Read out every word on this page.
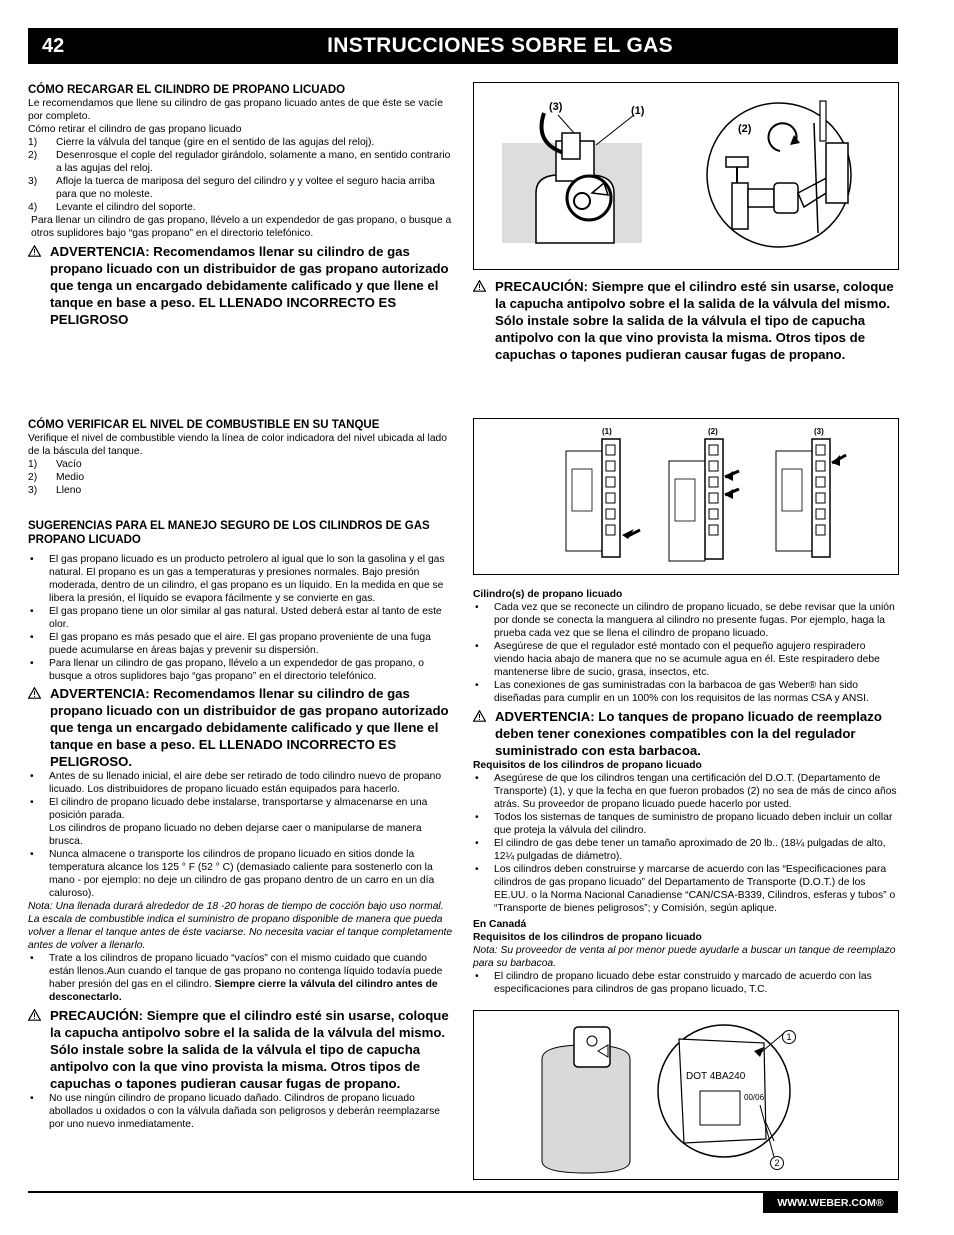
42	INSTRUCCIONES SOBRE EL GAS

CÓMO RECARGAR EL CILINDRO DE PROPANO LICUADO

Le recomendamos que llene su cilindro de gas propano licuado antes de que éste se vacíe por completo.

Cómo retirar el cilindro de gas propano licuado

1) Cierre la válvula del tanque (gire en el sentido de las agujas del reloj).
2) Desenrosque el cople del regulador girándolo, solamente a mano, en sentido contrario a las agujas del reloj.
3) Afloje la tuerca de mariposa del seguro del cilindro y y voltee el seguro hacia arriba para que no moleste.
4) Levante el cilindro del soporte.

Para llenar un cilindro de gas propano, llévelo a un expendedor de gas propano, o busque a otros suplidores bajo “gas propano” en el directorio telefónico.

ADVERTENCIA: Recomendamos llenar su cilindro de gas propano licuado con un distribuidor de gas propano autorizado que tenga un encargado debidamente calificado y que llene el tanque en base a peso. EL LLENADO INCORRECTO ES PELIGROSO

(3)	(1)
(2)

PRECAUCIÓN: Siempre que el cilindro esté sin usarse, coloque la capucha antipolvo sobre el la salida de la válvula del mismo. Sólo instale sobre la salida de la válvula el tipo de capucha antipolvo con la que vino provista la misma. Otros tipos de capuchas o tapones pudieran causar fugas de propano.

CÓMO VERIFICAR EL NIVEL DE COMBUSTIBLE EN SU TANQUE

Verifique el nivel de combustible viendo la línea de color indicadora del nivel ubicada al lado de la báscula del tanque.

1) Vacío
2) Medio
3) Lleno
(1)	(2)	(3)

SUGERENCIAS PARA EL MANEJO SEGURO DE LOS CILINDROS DE GAS PROPANO LICUADO

• El gas propano licuado es un producto petrolero al igual que lo son la gasolina y el gas natural. El propano es un gas a temperaturas y presiones normales. Bajo presión moderada, dentro de un cilindro, el gas propano es un líquido. En la medida en que se libera la presión, el líquido se evapora fácilmente y se convierte en gas.
• El gas propano tiene un olor similar al gas natural. Usted deberá estar al tanto de este olor.
• El gas propano es más pesado que el aire. El gas propano proveniente de una fuga puede acumularse en áreas bajas y prevenir su dispersión.
• Para llenar un cilindro de gas propano, llévelo a un expendedor de gas propano, o busque a otros suplidores bajo “gas propano” en el directorio telefónico.

ADVERTENCIA: Recomendamos llenar su cilindro de gas propano licuado con un distribuidor de gas propano autorizado que tenga un encargado debidamente calificado y que llene el tanque en base a peso. EL LLENADO INCORRECTO ES PELIGROSO.

• Antes de su llenado inicial, el aire debe ser retirado de todo cilindro nuevo de propano licuado. Los distribuidores de propano licuado están equipados para hacerlo.
• El cilindro de propano licuado debe instalarse, transportarse y almacenarse en una posición parada.
Los cilindros de propano licuado no deben dejarse caer o manipularse de manera brusca.
• Nunca almacene o transporte los cilindros de propano licuado en sitios donde la temperatura alcance los 125 ° F (52 ° C) (demasiado caliente para sostenerlo con la mano - por ejemplo: no deje un cilindro de gas propano dentro de un carro en un día caluroso).

Nota: Una llenada durará alrededor de 18 -20 horas de tiempo de cocción bajo uso normal. La escala de combustible indica el suministro de propano disponible de manera que pueda volver a llenar el tanque antes de éste vaciarse. No necesita vaciar el tanque completamente antes de volver a llenarlo.

• Trate a los cilindros de propano licuado “vacíos” con el mismo cuidado que cuando están llenos.Aun cuando el tanque de gas propano no contenga líquido todavía puede haber presión del gas en el cilindro. Siempre cierre la válvula del cilindro antes de desconectarlo.

PRECAUCIÓN: Siempre que el cilindro esté sin usarse, coloque la capucha antipolvo sobre el la salida de la válvula del mismo. Sólo instale sobre la salida de la válvula el tipo de capucha antipolvo con la que vino provista la misma. Otros tipos de capuchas o tapones pudieran causar fugas de propano.

• No use ningún cilindro de propano licuado dañado. Cilindros de propano licuado abollados u oxidados o con la válvula dañada son peligrosos y deberán reemplazarse por uno nuevo inmediatamente.

Cilindro(s) de propano licuado

• Cada vez que se reconecte un cilindro de propano licuado, se debe revisar que la unión por donde se conecta la manguera al cilindro no presente fugas. Por ejemplo, haga la prueba cada vez que se llena el cilindro de propano licuado.
• Asegúrese de que el regulador esté montado con el pequeño agujero respiradero viendo hacia abajo de manera que no se acumule agua en él. Este respiradero debe mantenerse libre de sucio, grasa, insectos, etc.
• Las conexiones de gas suministradas con la barbacoa de gas Weber® han sido diseñadas para cumplir en un 100% con los requisitos de las normas CSA y ANSI.

ADVERTENCIA: Lo tanques de propano licuado de reemplazo deben tener conexiones compatibles con la del regulador suministrado con esta barbacoa.

Requisitos de los cilindros de propano licuado

• Asegúrese de que los cilindros tengan una certificación del D.O.T. (Departamento de Transporte) (1), y que la fecha en que fueron probados (2) no sea de más de cinco años atrás. Su proveedor de propano licuado puede hacerlo por usted.
• Todos los sistemas de tanques de suministro de propano licuado deben incluir un collar que proteja la válvula del cilindro.
• El cilindro de gas debe tener un tamaño aproximado de 20 lb.. (18¼ pulgadas de alto, 12¼ pulgadas de diámetro).
• Los cilindros deben construirse y marcarse de acuerdo con las “Especificaciones para cilindros de gas propano licuado” del Departamento de Transporte (D.O.T.) de los EE.UU. o la Norma Nacional Canadiense “CAN/CSA-B339, Cilindros, esferas y tubos” o “Transporte de bienes peligrosos”; y Comisión, según aplique.

En Canadá

Requisitos de los cilindros de propano licuado

Nota: Su proveedor de venta al por menor puede ayudarle a buscar un tanque de reemplazo para su barbacoa.

• El cilindro de propano licuado debe estar construido y marcado de acuerdo con las especificaciones para cilindros de gas propano licuado, T.C.
DOT 4BA240
00/06
1
2
WWW.WEBER.COM®
